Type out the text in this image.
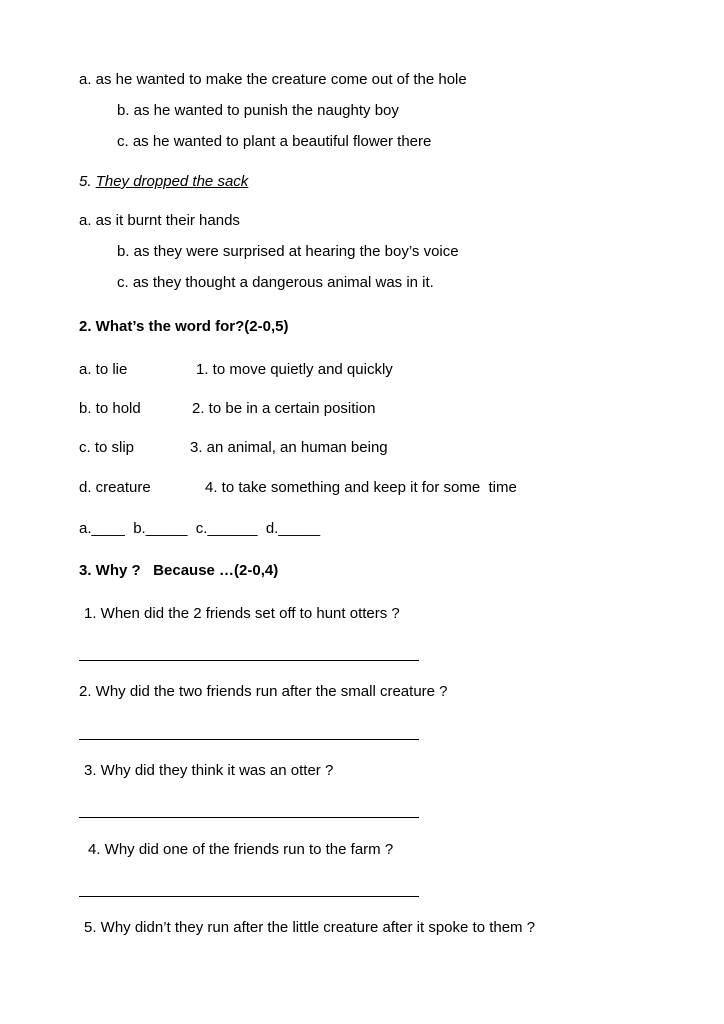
a. as he wanted to make the creature come out of the hole
b. as he wanted to punish the naughty boy
c. as he wanted to plant a beautiful flower there
5. They dropped the sack
a. as it burnt their hands
b. as they were surprised at hearing the boy’s voice
c. as they thought a dangerous animal was in it.
2. What’s the word for?(2-0,5)
a. to lie	1. to move quietly and quickly
b. to hold	2. to be in a certain position
c. to slip	3. an animal, an human being
d. creature	4. to take something and keep it for some  time
a.____  b._____  c.______  d._____
3. Why ?   Because …(2-0,4)
1. When did the 2 friends set off to hunt otters ?
2. Why did the two friends run after the small creature ?
3. Why did they think it was an otter ?
4. Why did one of the friends run to the farm ?
5. Why didn’t they run after the little creature after it spoke to them ?
